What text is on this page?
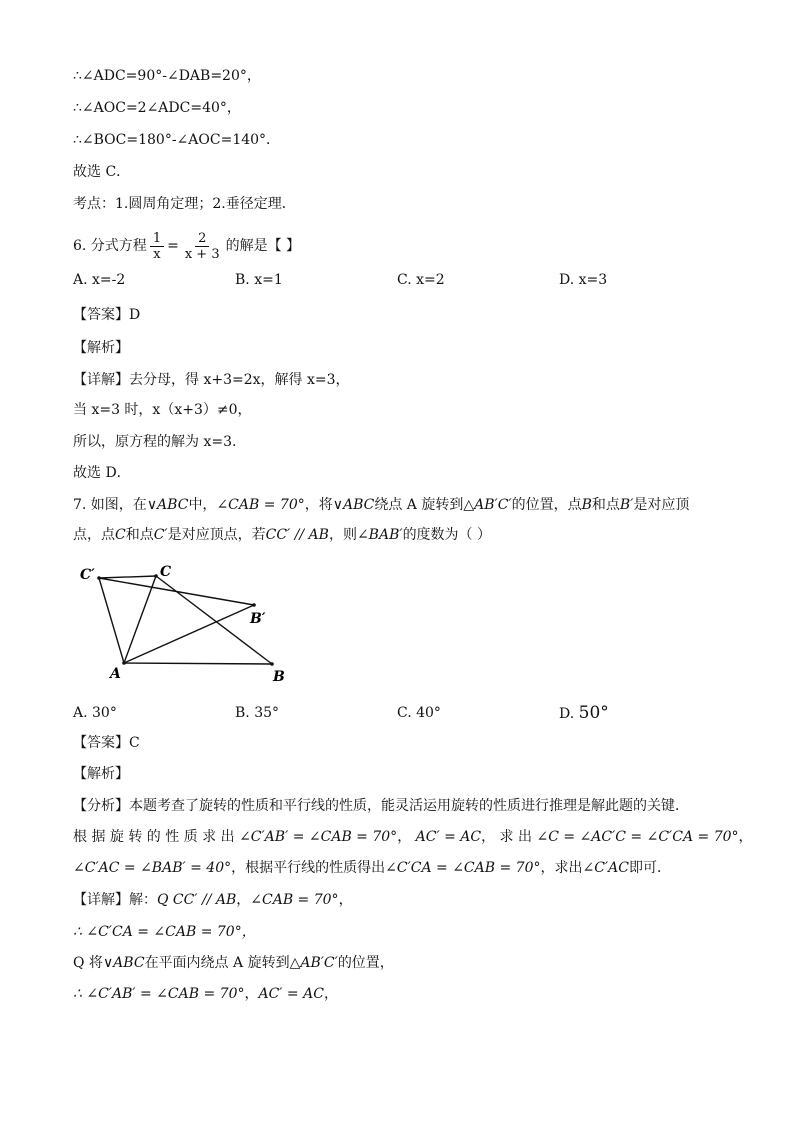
∴∠ADC=90°-∠DAB=20°，
∴∠AOC=2∠ADC=40°，
∴∠BOC=180°-∠AOC=140°．
故选 C．
考点：1.圆周角定理；2.垂径定理．
6. 分式方程 $\frac{1}{x} = \frac{2}{x + 3}$ 的解是【 】
A. x=-2	B. x=1	C. x=2	D. x=3
【答案】D
【解析】
【详解】去分母，得 x+3=2x，解得 x=3，
当 x=3 时，x（x+3）≠0，
所以，原方程的解为 x=3.
故选 D．
7. 如图，在∨ABC中，∠CAB = 70°，将∨ABC绕点 A 旋转到△AB′C′的位置，点B和点B′是对应顶
点，点C和点C′是对应顶点，若CC′ // AB，则∠BAB′的度数为（ ）
C′	C
B′
A	B
A. 30°	B. 35°	C. 40°	D. 50°
【答案】C
【解析】
【分析】本题考查了旋转的性质和平行线的性质，能灵活运用旋转的性质进行推理是解此题的关键．
根 据 旋 转 的 性 质 求 出 ∠C′AB′ = ∠CAB = 70°， AC′ = AC， 求 出 ∠C = ∠AC′C = ∠C′CA = 70°，
∠C′AC = ∠BAB′ = 40°，根据平行线的性质得出∠C′CA = ∠CAB = 70°，求出∠C′AC即可．
【详解】解：Q CC′ // AB，∠CAB = 70°，
∴ ∠C′CA = ∠CAB = 70°，
Q 将∨ABC在平面内绕点 A 旋转到△AB′C′的位置，
∴ ∠C′AB′ = ∠CAB = 70°，AC′ = AC，
